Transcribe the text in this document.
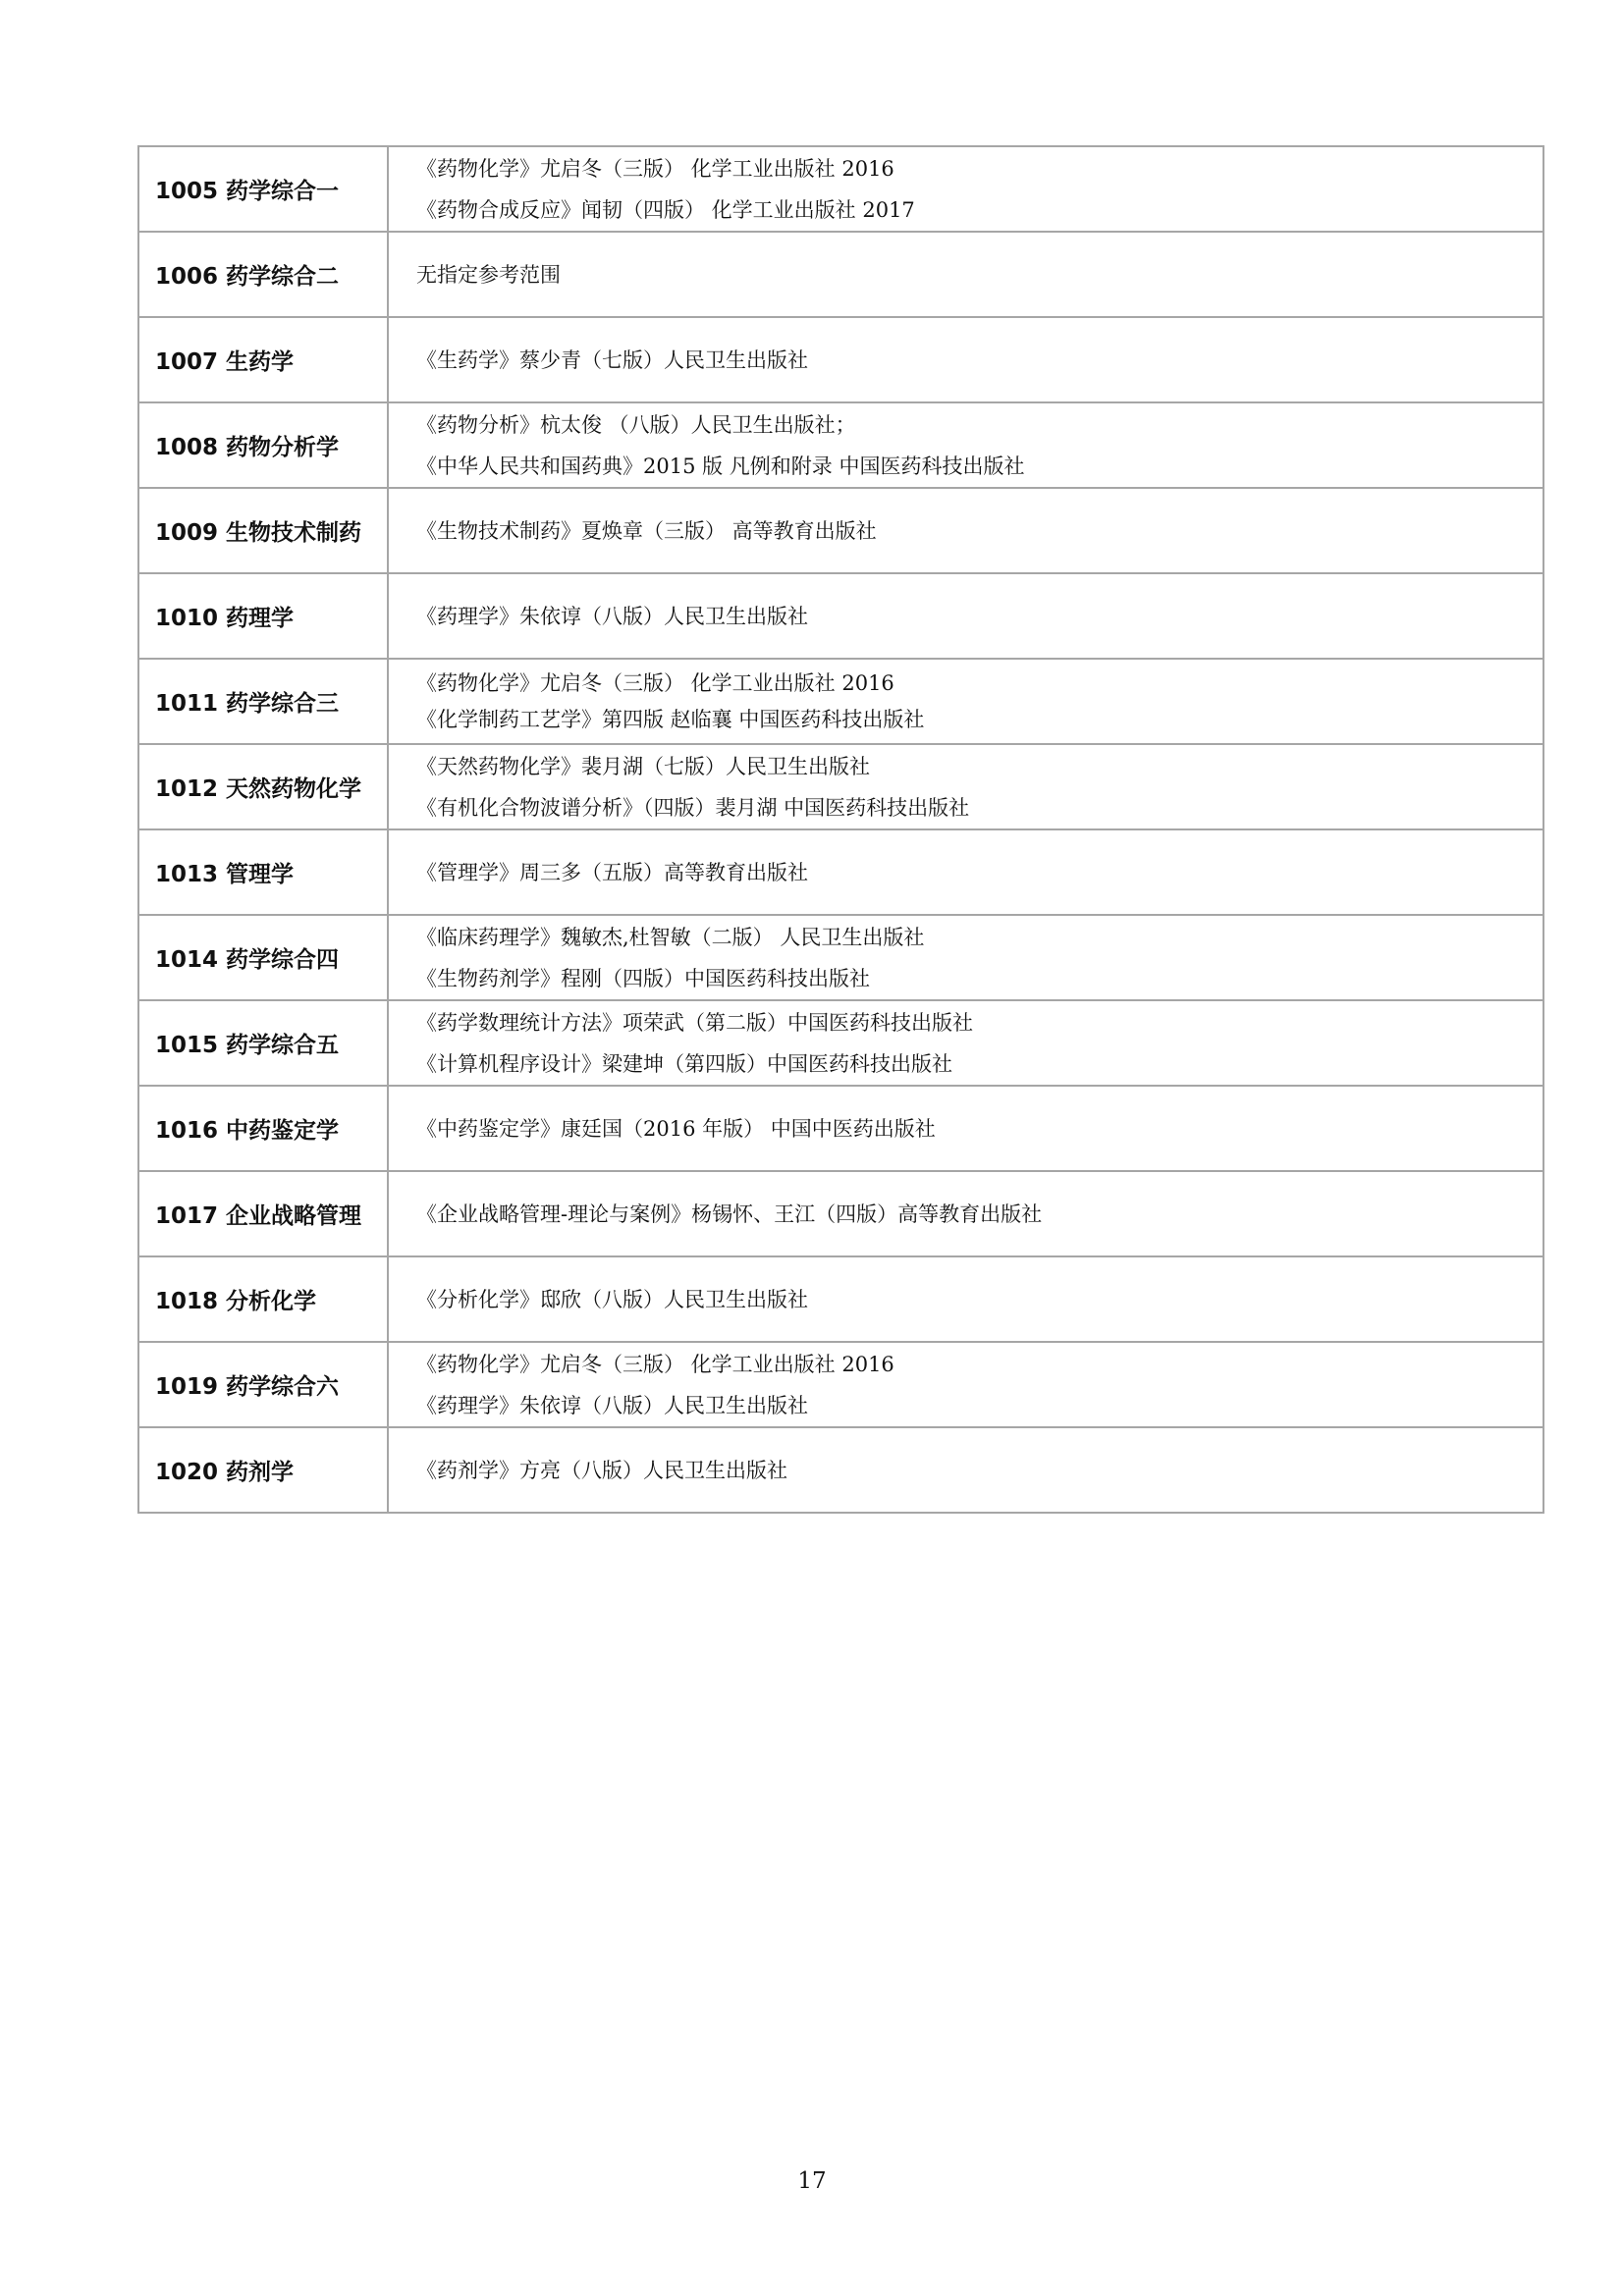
1005 药学综合一	《药物化学》尤启冬（三版） 化学工业出版社 2016
《药物合成反应》闻韧（四版） 化学工业出版社 2017

1006 药学综合二	无指定参考范围

1007 生药学	《生药学》蔡少青（七版）人民卫生出版社

1008 药物分析学	《药物分析》杭太俊 （八版）人民卫生出版社；
《中华人民共和国药典》2015 版 凡例和附录 中国医药科技出版社

1009 生物技术制药	《生物技术制药》夏焕章（三版） 高等教育出版社

1010 药理学	《药理学》朱依谆（八版）人民卫生出版社

1011 药学综合三	《药物化学》尤启冬（三版） 化学工业出版社 2016
《化学制药工艺学》第四版 赵临襄 中国医药科技出版社

1012 天然药物化学	《天然药物化学》裴月湖（七版）人民卫生出版社
《有机化合物波谱分析》（四版）裴月湖 中国医药科技出版社

1013 管理学	《管理学》周三多（五版）高等教育出版社

1014 药学综合四	《临床药理学》魏敏杰,杜智敏（二版） 人民卫生出版社
《生物药剂学》程刚（四版）中国医药科技出版社

1015 药学综合五	《药学数理统计方法》项荣武（第二版）中国医药科技出版社
《计算机程序设计》梁建坤（第四版）中国医药科技出版社

1016 中药鉴定学	《中药鉴定学》康廷国（2016 年版） 中国中医药出版社

1017 企业战略管理	《企业战略管理-理论与案例》杨锡怀、王江（四版）高等教育出版社

1018 分析化学	《分析化学》邸欣（八版）人民卫生出版社

1019 药学综合六	《药物化学》尤启冬（三版） 化学工业出版社 2016
《药理学》朱依谆（八版）人民卫生出版社

1020 药剂学	《药剂学》方亮（八版）人民卫生出版社
17
